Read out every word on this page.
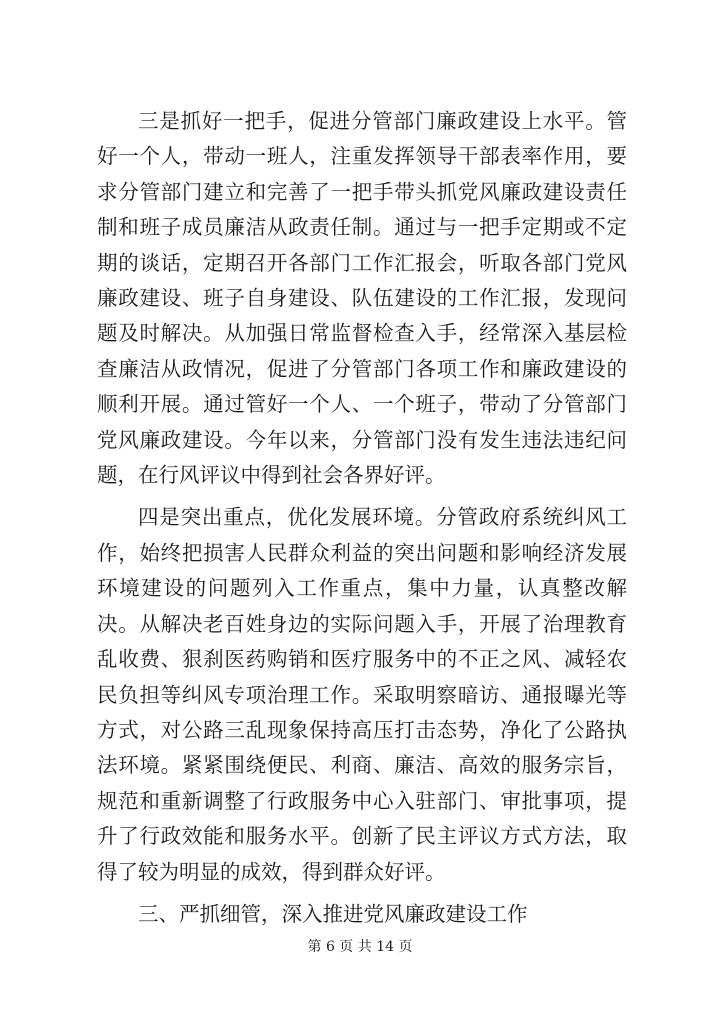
三是抓好一把手，促进分管部门廉政建设上水平。管好一个人，带动一班人，注重发挥领导干部表率作用，要求分管部门建立和完善了一把手带头抓党风廉政建设责任制和班子成员廉洁从政责任制。通过与一把手定期或不定期的谈话，定期召开各部门工作汇报会，听取各部门党风廉政建设、班子自身建设、队伍建设的工作汇报，发现问题及时解决。从加强日常监督检查入手，经常深入基层检查廉洁从政情况，促进了分管部门各项工作和廉政建设的顺利开展。通过管好一个人、一个班子，带动了分管部门党风廉政建设。今年以来，分管部门没有发生违法违纪问题，在行风评议中得到社会各界好评。

四是突出重点，优化发展环境。分管政府系统纠风工作，始终把损害人民群众利益的突出问题和影响经济发展环境建设的问题列入工作重点，集中力量，认真整改解决。从解决老百姓身边的实际问题入手，开展了治理教育乱收费、狠刹医药购销和医疗服务中的不正之风、减轻农民负担等纠风专项治理工作。采取明察暗访、通报曝光等方式，对公路三乱现象保持高压打击态势，净化了公路执法环境。紧紧围绕便民、利商、廉洁、高效的服务宗旨，规范和重新调整了行政服务中心入驻部门、审批事项，提升了行政效能和服务水平。创新了民主评议方式方法，取得了较为明显的成效，得到群众好评。

三、严抓细管，深入推进党风廉政建设工作

第 6 页 共 14 页
